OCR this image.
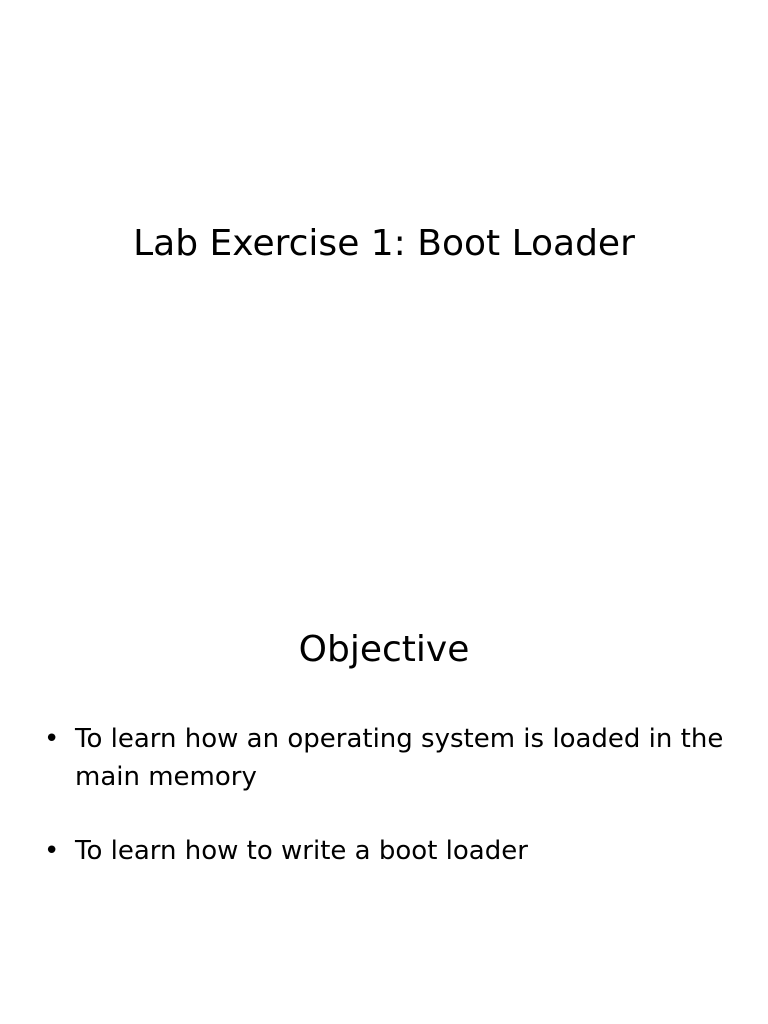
Lab Exercise 1: Boot Loader
Objective
• To learn how an operating system is loaded in the main memory
• To learn how to write a boot loader
